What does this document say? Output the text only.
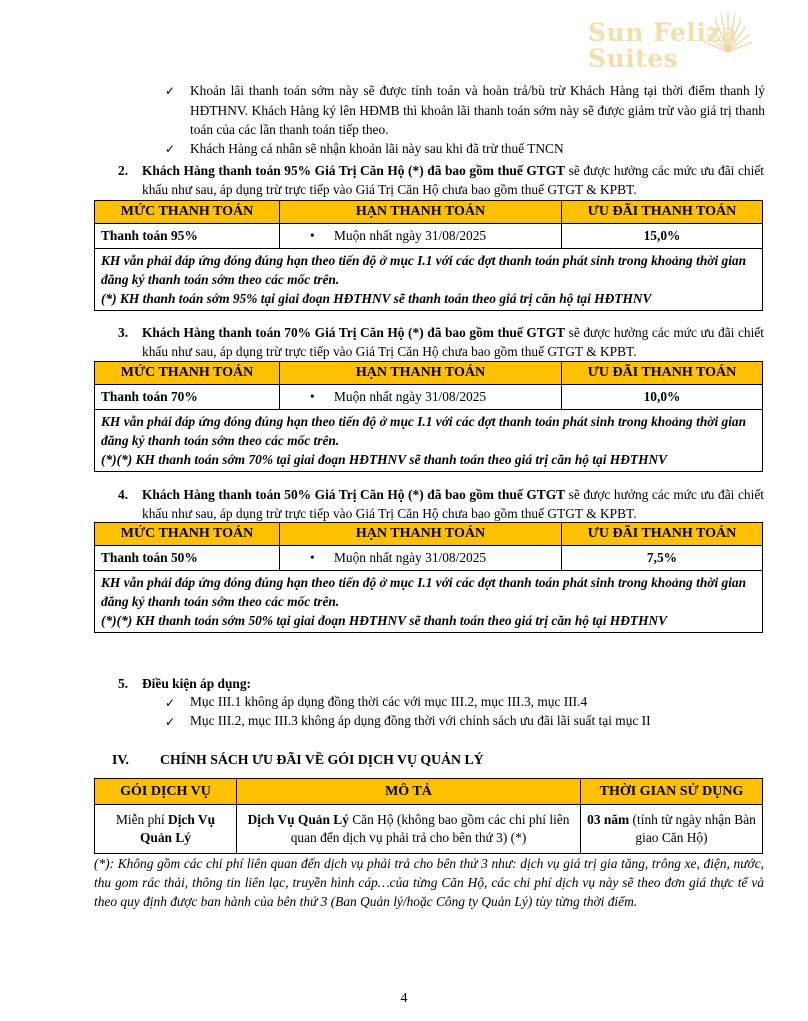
Sun Feliza
Suites
✓ Khoản lãi thanh toán sớm này sẽ được tính toán và hoàn trả/bù trừ Khách Hàng tại thời điểm thanh lý HĐTHNV. Khách Hàng ký lên HĐMB thì khoản lãi thanh toán sớm này sẽ được giảm trừ vào giá trị thanh toán của các lần thanh toán tiếp theo.
✓ Khách Hàng cá nhân sẽ nhận khoản lãi này sau khi đã trừ thuế TNCN
2. Khách Hàng thanh toán 95% Giá Trị Căn Hộ (*) đã bao gồm thuế GTGT sẽ được hưởng các mức ưu đãi chiết khấu như sau, áp dụng trừ trực tiếp vào Giá Trị Căn Hộ chưa bao gồm thuế GTGT & KPBT.
MỨC THANH TOÁN	HẠN THANH TOÁN	ƯU ĐÃI THANH TOÁN
Thanh toán 95%	• Muộn nhất ngày 31/08/2025	15,0%

KH vẫn phải đáp ứng đóng đúng hạn theo tiến độ ở mục I.1 với các đợt thanh toán phát sinh trong khoảng thời gian đăng ký thanh toán sớm theo các mốc trên.
(*) KH thanh toán sớm 95% tại giai đoạn HĐTHNV sẽ thanh toán theo giá trị căn hộ tại HĐTHNV		
3. Khách Hàng thanh toán 70% Giá Trị Căn Hộ (*) đã bao gồm thuế GTGT sẽ được hưởng các mức ưu đãi chiết khấu như sau, áp dụng trừ trực tiếp vào Giá Trị Căn Hộ chưa bao gồm thuế GTGT & KPBT.
MỨC THANH TOÁN	HẠN THANH TOÁN	ƯU ĐÃI THANH TOÁN
Thanh toán 70%	• Muộn nhất ngày 31/08/2025	10,0%

KH vẫn phải đáp ứng đóng đúng hạn theo tiến độ ở mục I.1 với các đợt thanh toán phát sinh trong khoảng thời gian đăng ký thanh toán sớm theo các mốc trên.
(*)(*) KH thanh toán sớm 70% tại giai đoạn HĐTHNV sẽ thanh toán theo giá trị căn hộ tại HĐTHNV		
4. Khách Hàng thanh toán 50% Giá Trị Căn Hộ (*) đã bao gồm thuế GTGT sẽ được hưởng các mức ưu đãi chiết khấu như sau, áp dụng trừ trực tiếp vào Giá Trị Căn Hộ chưa bao gồm thuế GTGT & KPBT.
MỨC THANH TOÁN	HẠN THANH TOÁN	ƯU ĐÃI THANH TOÁN
Thanh toán 50%	• Muộn nhất ngày 31/08/2025	7,5%

KH vẫn phải đáp ứng đóng đúng hạn theo tiến độ ở mục I.1 với các đợt thanh toán phát sinh trong khoảng thời gian đăng ký thanh toán sớm theo các mốc trên.
(*)(*) KH thanh toán sớm 50% tại giai đoạn HĐTHNV sẽ thanh toán theo giá trị căn hộ tại HĐTHNV		
5. Điều kiện áp dụng:
✓ Mục III.1 không áp dụng đồng thời các với mục III.2, mục III.3, mục III.4
✓ Mục III.2, mục III.3 không áp dụng đồng thời với chính sách ưu đãi lãi suất tại mục II
IV. CHÍNH SÁCH ƯU ĐÃI VỀ GÓI DỊCH VỤ QUẢN LÝ
GÓI DỊCH VỤ	MÔ TẢ	THỜI GIAN SỬ DỤNG
Miễn phí Dịch Vụ Quản Lý	Dịch Vụ Quản Lý Căn Hộ (không bao gồm các chi phí liên quan đến dịch vụ phải trả cho bên thứ 3) (*)	03 năm (tính từ ngày nhận Bàn giao Căn Hộ)
(*): Không gồm các chi phí liên quan đến dịch vụ phải trả cho bên thứ 3 như: dịch vụ giá trị gia tăng, trông xe, điện, nước, thu gom rác thải, thông tin liên lạc, truyền hình cáp…của từng Căn Hộ, các chi phí dịch vụ này sẽ theo đơn giá thực tế và theo quy định được ban hành của bên thứ 3 (Ban Quản lý/hoặc Công ty Quản Lý) tùy từng thời điểm.
4
